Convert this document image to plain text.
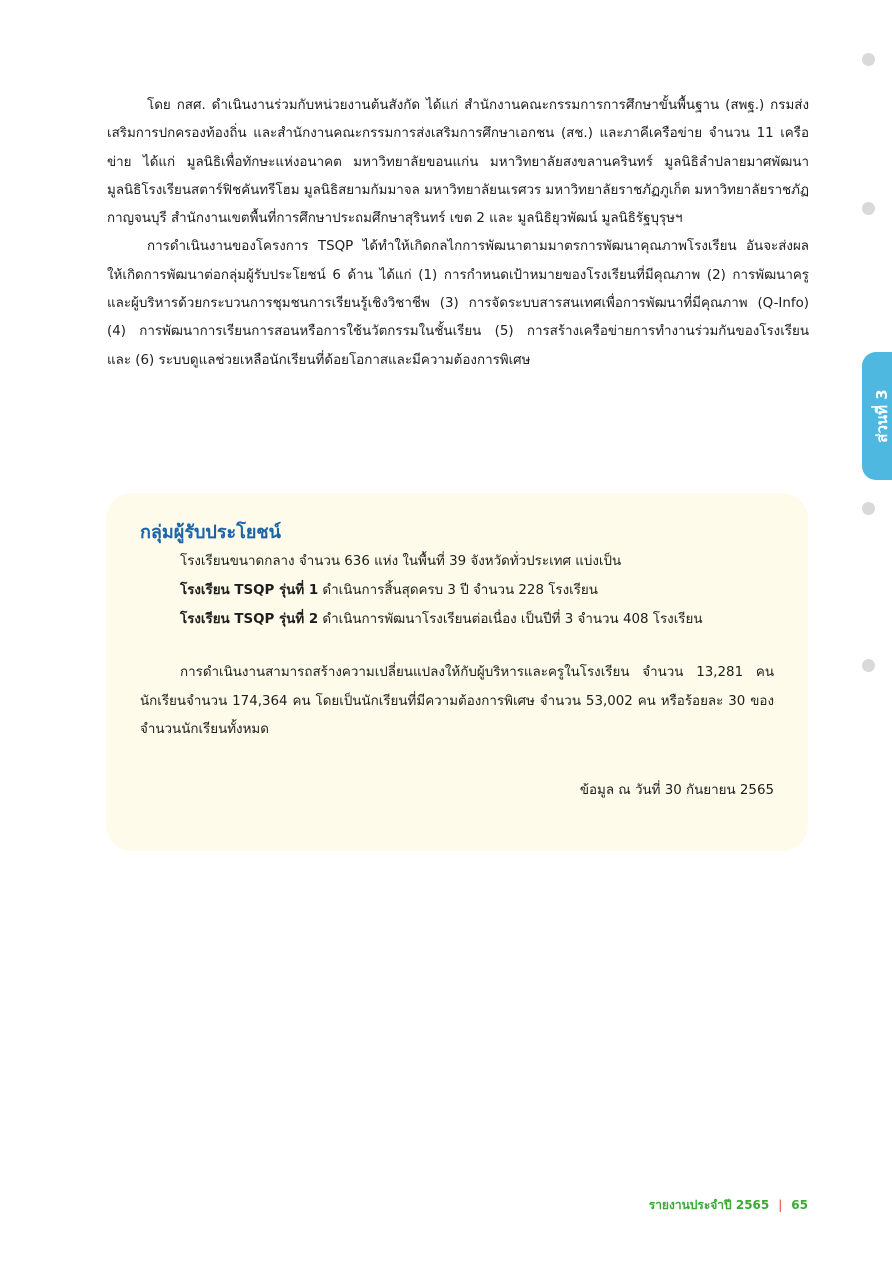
โดย กสศ. ดำเนินงานร่วมกับหน่วยงานต้นสังกัด ได้แก่ สำนักงานคณะกรรมการการศึกษาขั้นพื้นฐาน (สพฐ.) กรมส่งเสริมการปกครองท้องถิ่น และสำนักงานคณะกรรมการส่งเสริมการศึกษาเอกชน (สช.) และภาคีเครือข่าย จำนวน 11 เครือข่าย ได้แก่ มูลนิธิเพื่อทักษะแห่งอนาคต มหาวิทยาลัยขอนแก่น มหาวิทยาลัยสงขลานครินทร์ มูลนิธิลำปลายมาศพัฒนา มูลนิธิโรงเรียนสตาร์ฟิชคันทรีโฮม มูลนิธิสยามกัมมาจล มหาวิทยาลัยนเรศวร มหาวิทยาลัยราชภัฏภูเก็ต มหาวิทยาลัยราชภัฏกาญจนบุรี สำนักงานเขตพื้นที่การศึกษาประถมศึกษาสุรินทร์ เขต 2 และ มูลนิธิยุวพัฒน์ มูลนิธิรัฐบุรุษฯ

การดำเนินงานของโครงการ TSQP ได้ทำให้เกิดกลไกการพัฒนาตามมาตรการพัฒนาคุณภาพโรงเรียน อันจะส่งผลให้เกิดการพัฒนาต่อกลุ่มผู้รับประโยชน์ 6 ด้าน ได้แก่ (1) การกำหนดเป้าหมายของโรงเรียนที่มีคุณภาพ (2) การพัฒนาครูและผู้บริหารด้วยกระบวนการชุมชนการเรียนรู้เชิงวิชาชีพ (3) การจัดระบบสารสนเทศเพื่อการพัฒนาที่มีคุณภาพ (Q-Info) (4) การพัฒนาการเรียนการสอนหรือการใช้นวัตกรรมในชั้นเรียน (5) การสร้างเครือข่ายการทำงานร่วมกันของโรงเรียน และ (6) ระบบดูแลช่วยเหลือนักเรียนที่ด้อยโอกาสและมีความต้องการพิเศษ

ส่วนที่ 3
กลุ่มผู้รับประโยชน์
โรงเรียนขนาดกลาง จำนวน 636 แห่ง ในพื้นที่ 39 จังหวัดทั่วประเทศ แบ่งเป็น
โรงเรียน TSQP รุ่นที่ 1 ดำเนินการสิ้นสุดครบ 3 ปี จำนวน 228 โรงเรียน
โรงเรียน TSQP รุ่นที่ 2 ดำเนินการพัฒนาโรงเรียนต่อเนื่อง เป็นปีที่ 3 จำนวน 408 โรงเรียน

การดำเนินงานสามารถสร้างความเปลี่ยนแปลงให้กับผู้บริหารและครูในโรงเรียน จำนวน 13,281 คน นักเรียนจำนวน 174,364 คน โดยเป็นนักเรียนที่มีความต้องการพิเศษ จำนวน 53,002 คน หรือร้อยละ 30 ของจำนวนนักเรียนทั้งหมด

ข้อมูล ณ วันที่ 30 กันยายน 2565
รายงานประจำปี 2565 | 65
